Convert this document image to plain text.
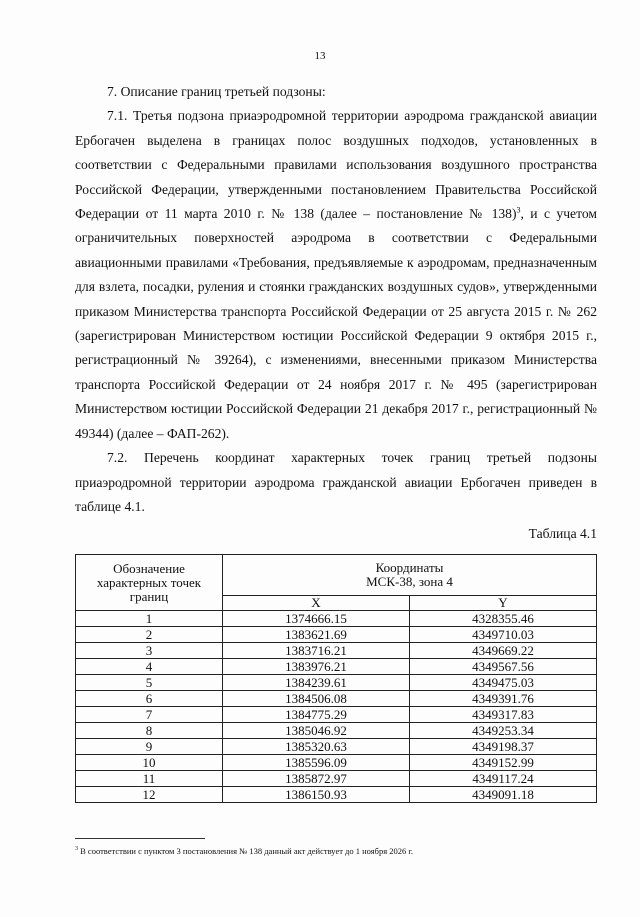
13

7. Описание границ третьей подзоны:

7.1. Третья подзона приаэродромной территории аэродрома гражданской авиации Ербогачен выделена в границах полос воздушных подходов, установленных в соответствии с Федеральными правилами использования воздушного пространства Российской Федерации, утвержденными постановлением Правительства Российской Федерации от 11 марта 2010 г. № 138 (далее – постановление № 138)$^3$, и с учетом ограничительных поверхностей аэродрома в соответствии с Федеральными авиационными правилами «Требования, предъявляемые к аэродромам, предназначенным для взлета, посадки, руления и стоянки гражданских воздушных судов», утвержденными приказом Министерства транспорта Российской Федерации от 25 августа 2015 г. № 262 (зарегистрирован Министерством юстиции Российской Федерации 9 октября 2015 г., регистрационный № 39264), с изменениями, внесенными приказом Министерства транспорта Российской Федерации от 24 ноября 2017 г. № 495 (зарегистрирован Министерством юстиции Российской Федерации 21 декабря 2017 г., регистрационный № 49344) (далее – ФАП-262).

7.2. Перечень координат характерных точек границ третьей подзоны приаэродромной территории аэродрома гражданской авиации Ербогачен приведен в таблице 4.1.

Таблица 4.1
Обозначение характерных точек границ	Координаты
МСК-38, зона 4	

	X	Y
1	1374666.15	4328355.46
2	1383621.69	4349710.03
3	1383716.21	4349669.22
4	1383976.21	4349567.56
5	1384239.61	4349475.03
6	1384506.08	4349391.76
7	1384775.29	4349317.83
8	1385046.92	4349253.34
9	1385320.63	4349198.37
10	1385596.09	4349152.99
11	1385872.97	4349117.24
12	1386150.93	4349091.18
$^3$ В соответствии с пунктом 3 постановления № 138 данный акт действует до 1 ноября 2026 г.
